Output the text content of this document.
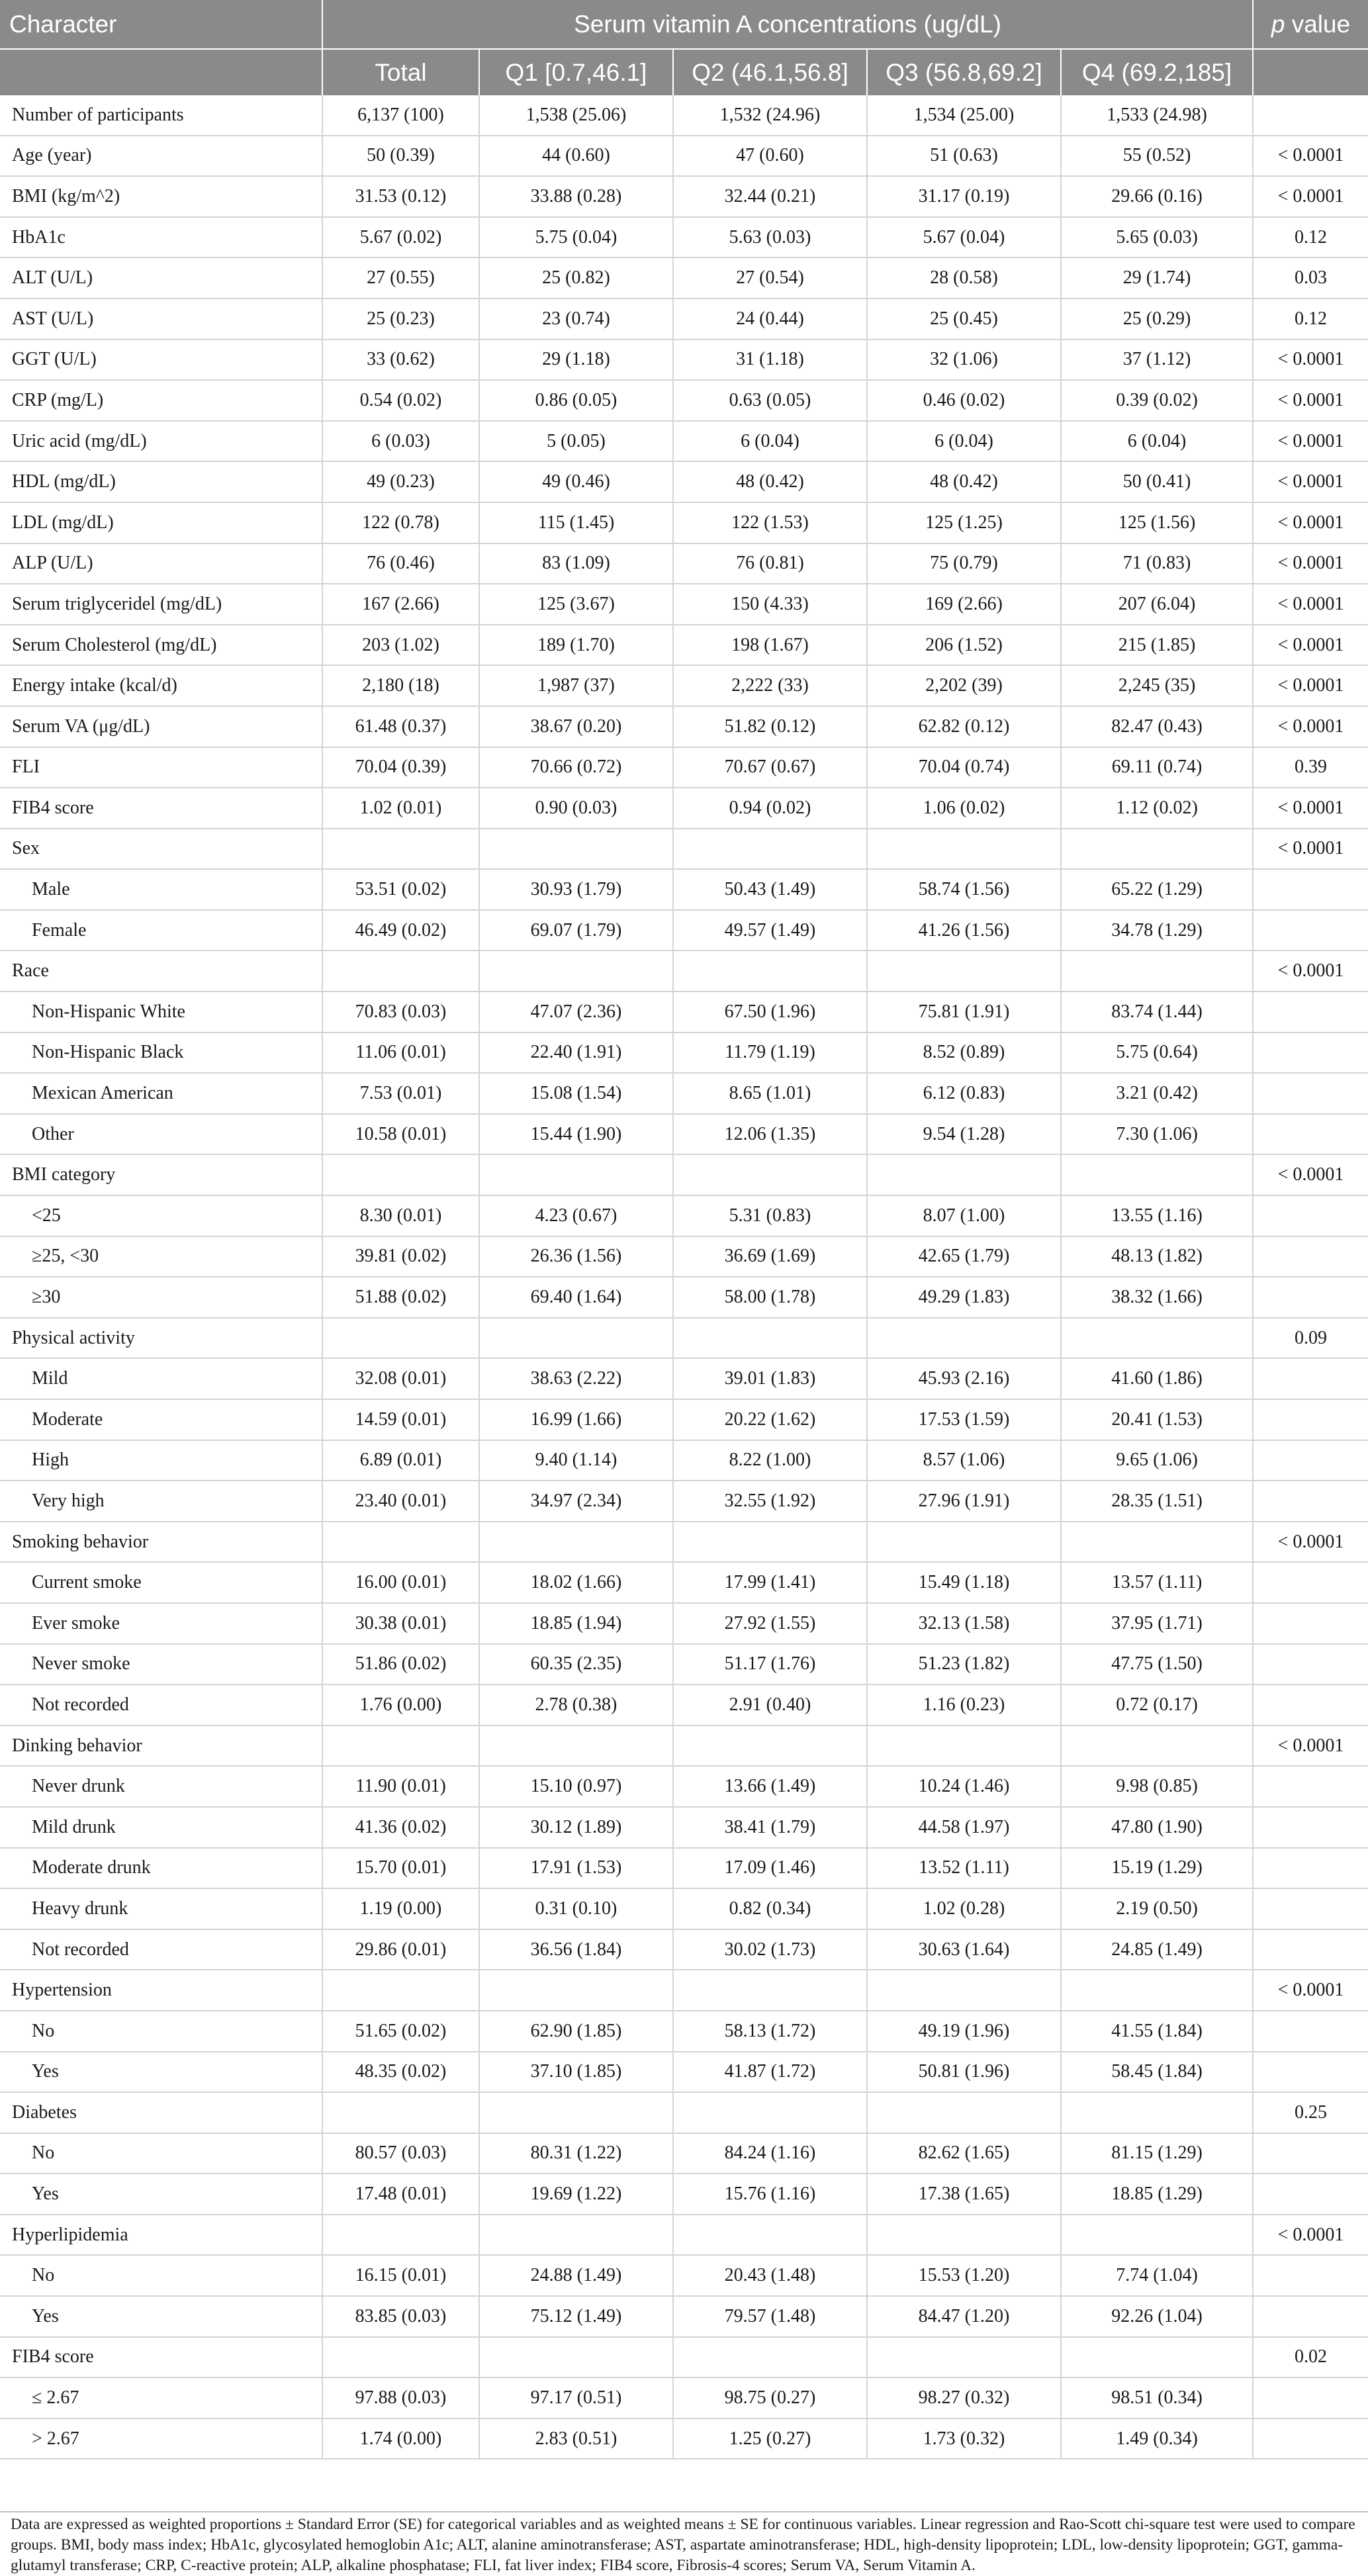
Character	Serum vitamin A concentrations (ug/dL)					p value
	Total	Q1 [0.7,46.1]	Q2 (46.1,56.8]	Q3 (56.8,69.2]	Q4 (69.2,185]	
Number of participants	6,137 (100)	1,538 (25.06)	1,532 (24.96)	1,534 (25.00)	1,533 (24.98)	
Age (year)	50 (0.39)	44 (0.60)	47 (0.60)	51 (0.63)	55 (0.52)	< 0.0001
BMI (kg/m^2)	31.53 (0.12)	33.88 (0.28)	32.44 (0.21)	31.17 (0.19)	29.66 (0.16)	< 0.0001
HbA1c	5.67 (0.02)	5.75 (0.04)	5.63 (0.03)	5.67 (0.04)	5.65 (0.03)	0.12
ALT (U/L)	27 (0.55)	25 (0.82)	27 (0.54)	28 (0.58)	29 (1.74)	0.03
AST (U/L)	25 (0.23)	23 (0.74)	24 (0.44)	25 (0.45)	25 (0.29)	0.12
GGT (U/L)	33 (0.62)	29 (1.18)	31 (1.18)	32 (1.06)	37 (1.12)	< 0.0001
CRP (mg/L)	0.54 (0.02)	0.86 (0.05)	0.63 (0.05)	0.46 (0.02)	0.39 (0.02)	< 0.0001
Uric acid (mg/dL)	6 (0.03)	5 (0.05)	6 (0.04)	6 (0.04)	6 (0.04)	< 0.0001
HDL (mg/dL)	49 (0.23)	49 (0.46)	48 (0.42)	48 (0.42)	50 (0.41)	< 0.0001
LDL (mg/dL)	122 (0.78)	115 (1.45)	122 (1.53)	125 (1.25)	125 (1.56)	< 0.0001
ALP (U/L)	76 (0.46)	83 (1.09)	76 (0.81)	75 (0.79)	71 (0.83)	< 0.0001
Serum triglyceridel (mg/dL)	167 (2.66)	125 (3.67)	150 (4.33)	169 (2.66)	207 (6.04)	< 0.0001
Serum Cholesterol (mg/dL)	203 (1.02)	189 (1.70)	198 (1.67)	206 (1.52)	215 (1.85)	< 0.0001
Energy intake (kcal/d)	2,180 (18)	1,987 (37)	2,222 (33)	2,202 (39)	2,245 (35)	< 0.0001
Serum VA (μg/dL)	61.48 (0.37)	38.67 (0.20)	51.82 (0.12)	62.82 (0.12)	82.47 (0.43)	< 0.0001
FLI	70.04 (0.39)	70.66 (0.72)	70.67 (0.67)	70.04 (0.74)	69.11 (0.74)	0.39
FIB4 score	1.02 (0.01)	0.90 (0.03)	0.94 (0.02)	1.06 (0.02)	1.12 (0.02)	< 0.0001
Sex						< 0.0001
Male	53.51 (0.02)	30.93 (1.79)	50.43 (1.49)	58.74 (1.56)	65.22 (1.29)	
Female	46.49 (0.02)	69.07 (1.79)	49.57 (1.49)	41.26 (1.56)	34.78 (1.29)	
Race						< 0.0001
Non-Hispanic White	70.83 (0.03)	47.07 (2.36)	67.50 (1.96)	75.81 (1.91)	83.74 (1.44)	
Non-Hispanic Black	11.06 (0.01)	22.40 (1.91)	11.79 (1.19)	8.52 (0.89)	5.75 (0.64)	
Mexican American	7.53 (0.01)	15.08 (1.54)	8.65 (1.01)	6.12 (0.83)	3.21 (0.42)	
Other	10.58 (0.01)	15.44 (1.90)	12.06 (1.35)	9.54 (1.28)	7.30 (1.06)	
BMI category						< 0.0001
<25	8.30 (0.01)	4.23 (0.67)	5.31 (0.83)	8.07 (1.00)	13.55 (1.16)	
≥25, <30	39.81 (0.02)	26.36 (1.56)	36.69 (1.69)	42.65 (1.79)	48.13 (1.82)	
≥30	51.88 (0.02)	69.40 (1.64)	58.00 (1.78)	49.29 (1.83)	38.32 (1.66)	
Physical activity						0.09
Mild	32.08 (0.01)	38.63 (2.22)	39.01 (1.83)	45.93 (2.16)	41.60 (1.86)	
Moderate	14.59 (0.01)	16.99 (1.66)	20.22 (1.62)	17.53 (1.59)	20.41 (1.53)	
High	6.89 (0.01)	9.40 (1.14)	8.22 (1.00)	8.57 (1.06)	9.65 (1.06)	
Very high	23.40 (0.01)	34.97 (2.34)	32.55 (1.92)	27.96 (1.91)	28.35 (1.51)	
Smoking behavior						< 0.0001
Current smoke	16.00 (0.01)	18.02 (1.66)	17.99 (1.41)	15.49 (1.18)	13.57 (1.11)	
Ever smoke	30.38 (0.01)	18.85 (1.94)	27.92 (1.55)	32.13 (1.58)	37.95 (1.71)	
Never smoke	51.86 (0.02)	60.35 (2.35)	51.17 (1.76)	51.23 (1.82)	47.75 (1.50)	
Not recorded	1.76 (0.00)	2.78 (0.38)	2.91 (0.40)	1.16 (0.23)	0.72 (0.17)	
Dinking behavior						< 0.0001
Never drunk	11.90 (0.01)	15.10 (0.97)	13.66 (1.49)	10.24 (1.46)	9.98 (0.85)	
Mild drunk	41.36 (0.02)	30.12 (1.89)	38.41 (1.79)	44.58 (1.97)	47.80 (1.90)	
Moderate drunk	15.70 (0.01)	17.91 (1.53)	17.09 (1.46)	13.52 (1.11)	15.19 (1.29)	
Heavy drunk	1.19 (0.00)	0.31 (0.10)	0.82 (0.34)	1.02 (0.28)	2.19 (0.50)	
Not recorded	29.86 (0.01)	36.56 (1.84)	30.02 (1.73)	30.63 (1.64)	24.85 (1.49)	
Hypertension						< 0.0001
No	51.65 (0.02)	62.90 (1.85)	58.13 (1.72)	49.19 (1.96)	41.55 (1.84)	
Yes	48.35 (0.02)	37.10 (1.85)	41.87 (1.72)	50.81 (1.96)	58.45 (1.84)	
Diabetes						0.25
No	80.57 (0.03)	80.31 (1.22)	84.24 (1.16)	82.62 (1.65)	81.15 (1.29)	
Yes	17.48 (0.01)	19.69 (1.22)	15.76 (1.16)	17.38 (1.65)	18.85 (1.29)	
Hyperlipidemia						< 0.0001
No	16.15 (0.01)	24.88 (1.49)	20.43 (1.48)	15.53 (1.20)	7.74 (1.04)	
Yes	83.85 (0.03)	75.12 (1.49)	79.57 (1.48)	84.47 (1.20)	92.26 (1.04)	
FIB4 score						0.02
≤ 2.67	97.88 (0.03)	97.17 (0.51)	98.75 (0.27)	98.27 (0.32)	98.51 (0.34)	
> 2.67	1.74 (0.00)	2.83 (0.51)	1.25 (0.27)	1.73 (0.32)	1.49 (0.34)	
Data are expressed as weighted proportions ± Standard Error (SE) for categorical variables and as weighted means ± SE for continuous variables. Linear regression and Rao-Scott chi-square test were used to compare groups. BMI, body mass index; HbA1c, glycosylated hemoglobin A1c; ALT, alanine aminotransferase; AST, aspartate aminotransferase; HDL, high-density lipoprotein; LDL, low-density lipoprotein; GGT, gamma-glutamyl transferase; CRP, C-reactive protein; ALP, alkaline phosphatase; FLI, fat liver index; FIB4 score, Fibrosis-4 scores; Serum VA, Serum Vitamin A.
